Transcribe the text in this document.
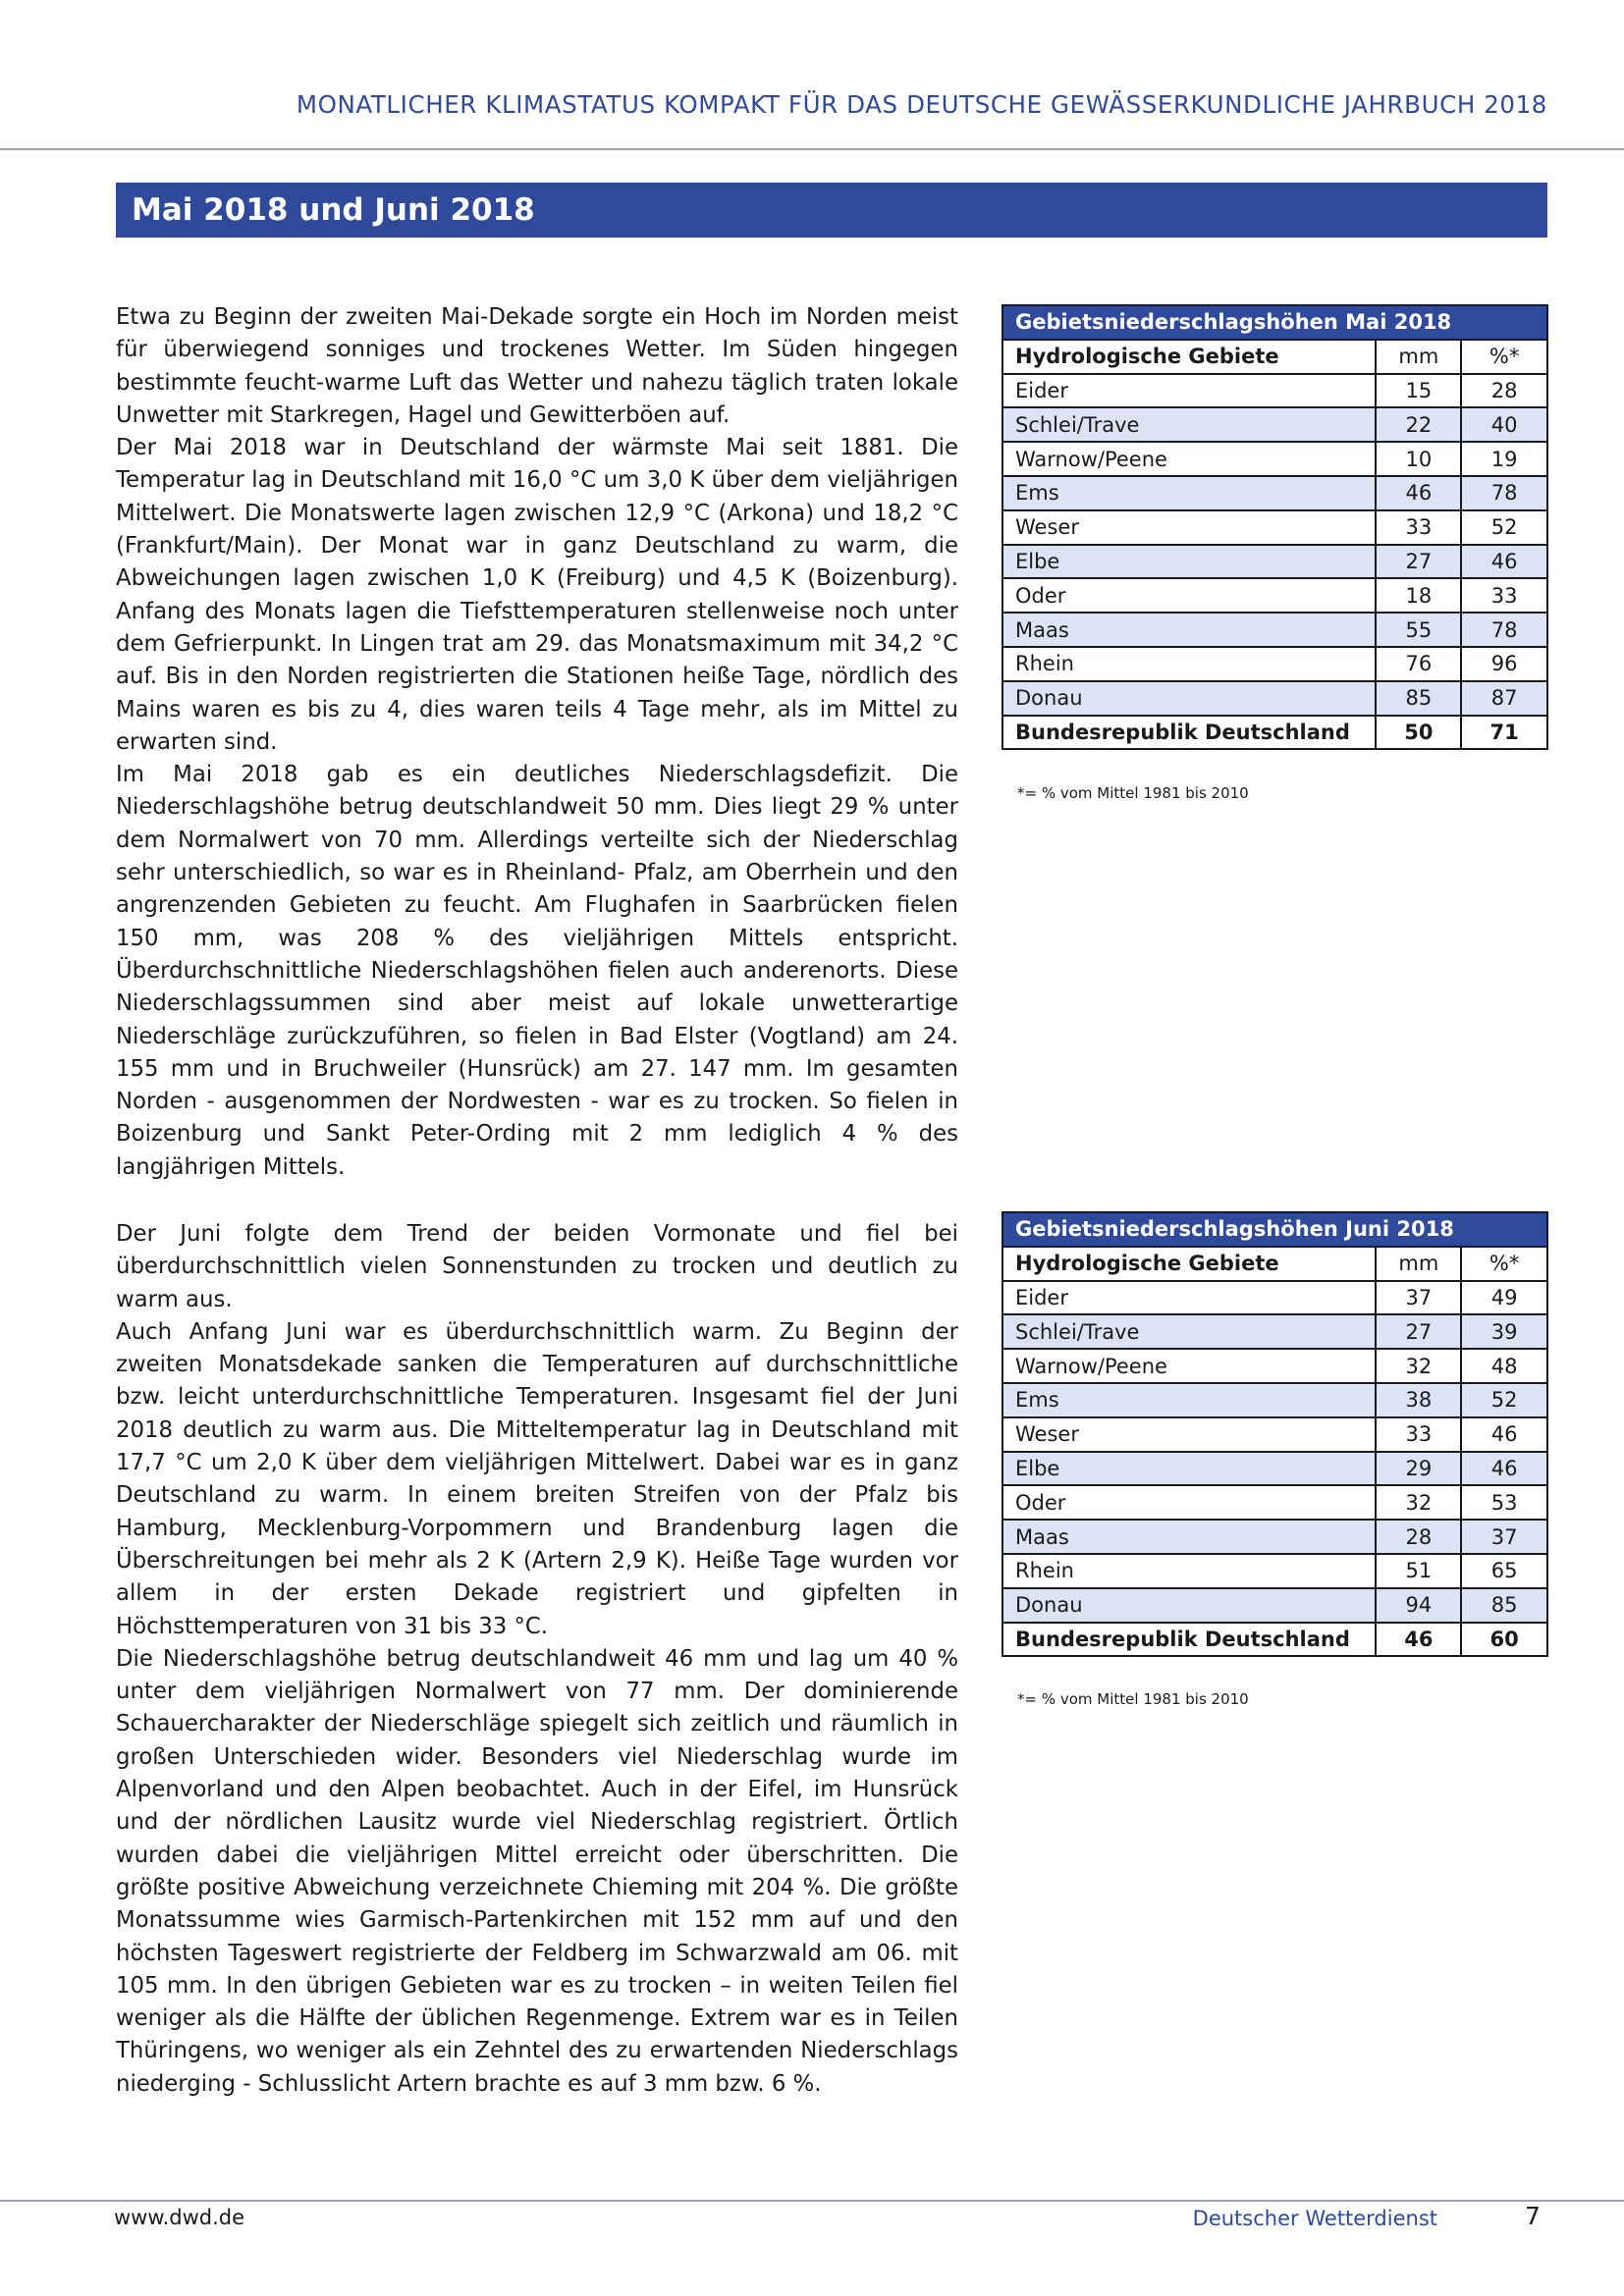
MONATLICHER KLIMASTATUS KOMPAKT FÜR DAS DEUTSCHE GEWÄSSERKUNDLICHE JAHRBUCH 2018
Mai 2018 und Juni 2018

Etwa zu Beginn der zweiten Mai-Dekade sorgte ein Hoch im Norden meist für überwiegend sonniges und trockenes Wetter. Im Süden hingegen bestimmte feucht-warme Luft das Wetter und nahezu täglich traten lokale Unwetter mit Starkregen, Hagel und Gewitterböen auf.

Der Mai 2018 war in Deutschland der wärmste Mai seit 1881. Die Temperatur lag in Deutschland mit 16,0 °C um 3,0 K über dem vieljährigen Mittelwert. Die Monatswerte lagen zwischen 12,9 °C (Arkona) und 18,2 °C (Frankfurt/Main). Der Monat war in ganz Deutschland zu warm, die Abweichungen lagen zwischen 1,0 K (Freiburg) und 4,5 K (Boizenburg). Anfang des Monats lagen die Tiefsttemperaturen stellenweise noch unter dem Gefrierpunkt. In Lingen trat am 29. das Monatsmaximum mit 34,2 °C auf. Bis in den Norden registrierten die Stationen heiße Tage, nördlich des Mains waren es bis zu 4, dies waren teils 4 Tage mehr, als im Mittel zu erwarten sind.

Im Mai 2018 gab es ein deutliches Niederschlagsdefizit. Die Niederschlagshöhe betrug deutschlandweit 50 mm. Dies liegt 29 % unter dem Normalwert von 70 mm. Allerdings verteilte sich der Niederschlag sehr unterschiedlich, so war es in Rheinland- Pfalz, am Oberrhein und den angrenzenden Gebieten zu feucht. Am Flughafen in Saarbrücken fielen 150 mm, was 208 % des vieljährigen Mittels entspricht. Überdurchschnittliche Niederschlagshöhen fielen auch anderenorts. Diese Niederschlagssummen sind aber meist auf lokale unwetterartige Niederschläge zurückzuführen, so fielen in Bad Elster (Vogtland) am 24. 155 mm und in Bruchweiler (Hunsrück) am 27. 147 mm. Im gesamten Norden - ausgenommen der Nordwesten - war es zu trocken. So fielen in Boizenburg und Sankt Peter-Ording mit 2 mm lediglich 4 % des langjährigen Mittels.

Gebietsniederschlagshöhen Mai 2018		
Hydrologische Gebiete	mm	%*
Eider	15	28
Schlei/Trave	22	40
Warnow/Peene	10	19
Ems	46	78
Weser	33	52
Elbe	27	46
Oder	18	33
Maas	55	78
Rhein	76	96
Donau	85	87
Bundesrepublik Deutschland	50	71
*= % vom Mittel 1981 bis 2010

Der Juni folgte dem Trend der beiden Vormonate und fiel bei überdurchschnittlich vielen Sonnenstunden zu trocken und deutlich zu warm aus.

Auch Anfang Juni war es überdurchschnittlich warm. Zu Beginn der zweiten Monatsdekade sanken die Temperaturen auf durchschnittliche bzw. leicht unterdurchschnittliche Temperaturen. Insgesamt fiel der Juni 2018 deutlich zu warm aus. Die Mitteltemperatur lag in Deutschland mit 17,7 °C um 2,0 K über dem vieljährigen Mittelwert. Dabei war es in ganz Deutschland zu warm. In einem breiten Streifen von der Pfalz bis Hamburg, Mecklenburg-Vorpommern und Brandenburg lagen die Überschreitungen bei mehr als 2 K (Artern 2,9 K). Heiße Tage wurden vor allem in der ersten Dekade registriert und gipfelten in Höchsttemperaturen von 31 bis 33 °C.

Die Niederschlagshöhe betrug deutschlandweit 46 mm und lag um 40 % unter dem vieljährigen Normalwert von 77 mm. Der dominierende Schauercharakter der Niederschläge spiegelt sich zeitlich und räumlich in großen Unterschieden wider. Besonders viel Niederschlag wurde im Alpenvorland und den Alpen beobachtet. Auch in der Eifel, im Hunsrück und der nördlichen Lausitz wurde viel Niederschlag registriert. Örtlich wurden dabei die vieljährigen Mittel erreicht oder überschritten. Die größte positive Abweichung verzeichnete Chieming mit 204 %. Die größte Monatssumme wies Garmisch-Partenkirchen mit 152 mm auf und den höchsten Tageswert registrierte der Feldberg im Schwarzwald am 06. mit 105 mm. In den übrigen Gebieten war es zu trocken – in weiten Teilen fiel weniger als die Hälfte der üblichen Regenmenge. Extrem war es in Teilen Thüringens, wo weniger als ein Zehntel des zu erwartenden Niederschlags niederging - Schlusslicht Artern brachte es auf 3 mm bzw. 6 %.

Gebietsniederschlagshöhen Juni 2018		
Hydrologische Gebiete	mm	%*
Eider	37	49
Schlei/Trave	27	39
Warnow/Peene	32	48
Ems	38	52
Weser	33	46
Elbe	29	46
Oder	32	53
Maas	28	37
Rhein	51	65
Donau	94	85
Bundesrepublik Deutschland	46	60
*= % vom Mittel 1981 bis 2010
www.dwd.de	Deutscher Wetterdienst	7
